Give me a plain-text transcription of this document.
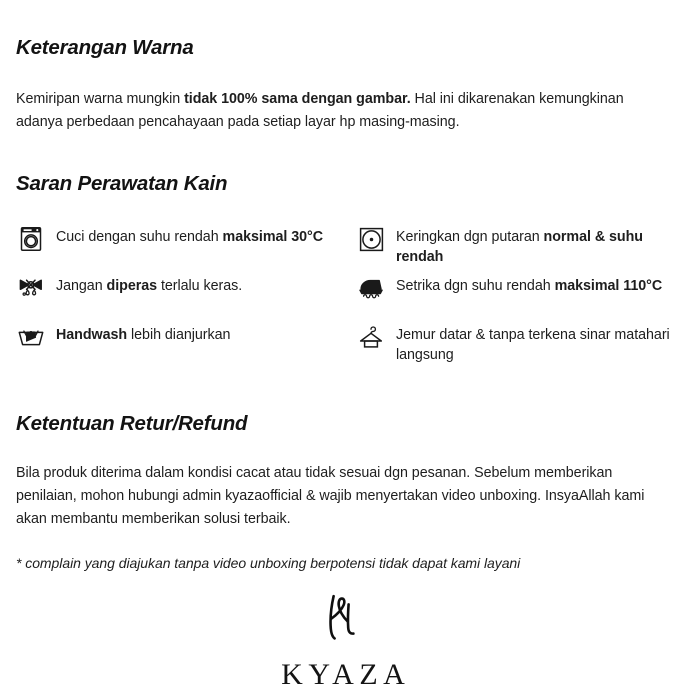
Keterangan Warna

Kemiripan warna mungkin tidak 100% sama dengan gambar. Hal ini dikarenakan kemungkinan adanya perbedaan pencahayaan pada setiap layar hp masing-masing.

Saran Perawatan Kain
Cuci dengan suhu rendah maksimal 30°C
Jangan diperas terlalu keras.
Handwash lebih dianjurkan
Keringkan dgn putaran normal & suhu rendah
Setrika dgn suhu rendah maksimal 110°C
Jemur datar & tanpa terkena sinar matahari langsung
Ketentuan Retur/Refund

Bila produk diterima dalam kondisi cacat atau tidak sesuai dgn pesanan. Sebelum memberikan penilaian, mohon hubungi admin kyazaofficial & wajib menyertakan video unboxing. InsyaAllah kami akan membantu memberikan solusi terbaik.

* complain yang diajukan tanpa video unboxing berpotensi tidak dapat kami layani

KYAZA
